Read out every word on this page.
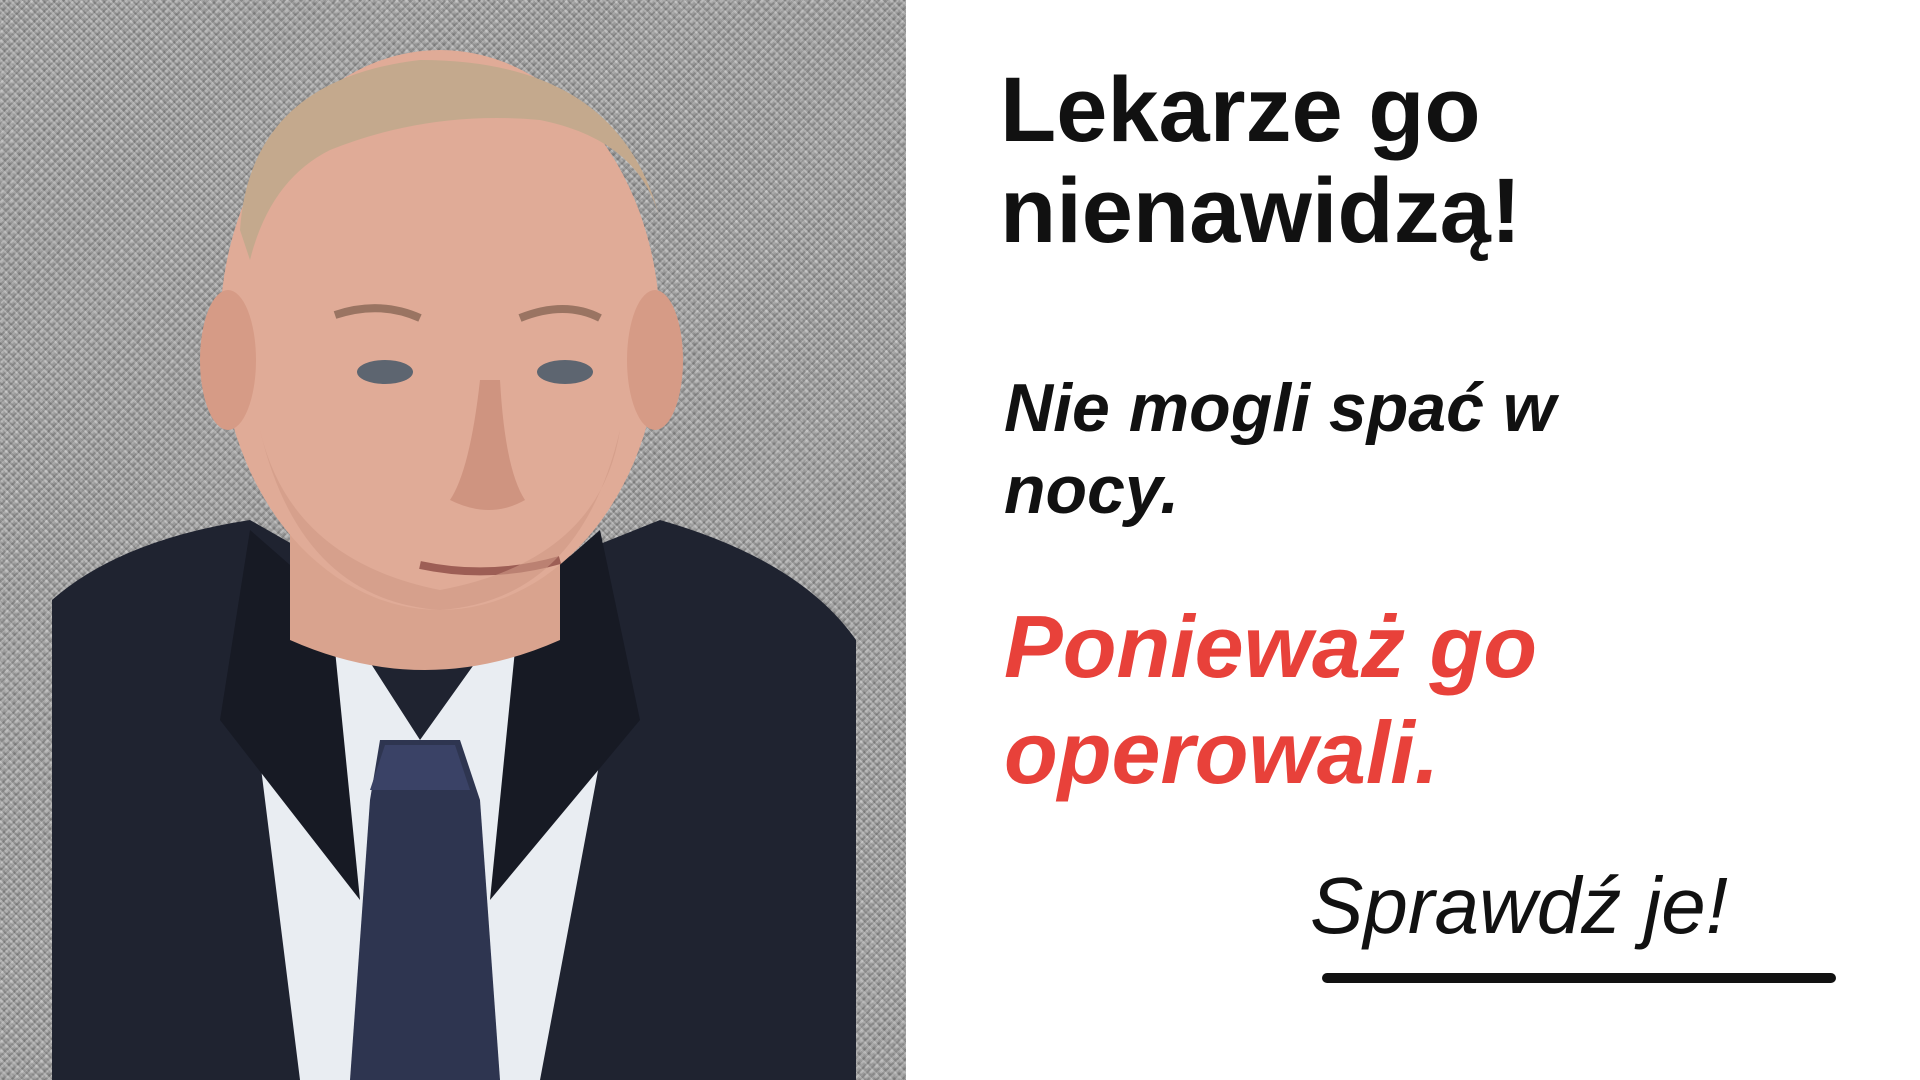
Lekarze go
nienawidzą!

Nie mogli spać w
nocy.

Ponieważ go
operowali.

Sprawdź je!
